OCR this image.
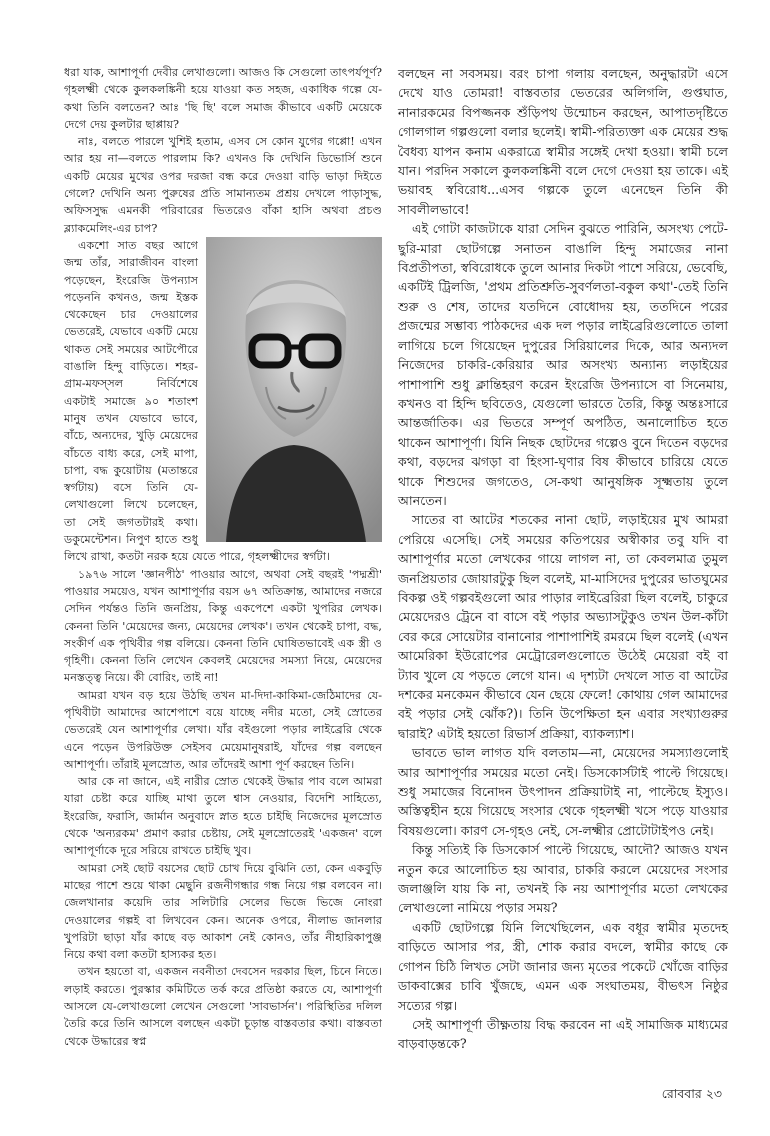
ধরা যাক, আশাপূর্ণা দেবীর লেখাগুলো। আজও কি সেগুলো তাৎপর্যপূর্ণ? গৃহলক্ষ্মী থেকে কুলকলঙ্কিনী হয়ে যাওয়া কত সহজ, একাধিক গল্পে যে-কথা তিনি বলতেন? আঃ 'ছি ছি' বলে সমাজ কীভাবে একটি মেয়েকে দেগে দেয় কুলটার ছাপ্পায়?

নাঃ, বলতে পারলে খুশিই হতাম, এসব সে কোন যুগের গপ্পো! এখন আর হয় না—বলতে পারলাম কি? এখনও কি দেখিনি ডিভোর্সি শুনে একটি মেয়ের মুখের ওপর দরজা বন্ধ করে দেওয়া বাড়ি ভাড়া দিইতে গেলে? দেখিনি অন্য পুরুষের প্রতি সামান্যতম প্রশ্রয় দেখলে পাড়াসুদ্ধ, অফিসসুদ্ধ এমনকী পরিবারের ভিতরেও বাঁকা হাসি অথবা প্রচণ্ড ব্ল্যাকমেলিং-এর চাপ?

একশো সাত বছর আগে জন্ম তাঁর, সারাজীবন বাংলা পড়েছেন, ইংরেজি উপন্যাস পড়েননি কখনও, জন্ম ইস্তক থেকেছেন চার দেওয়ালের ভেতরেই, যেভাবে একটি মেয়ে থাকত সেই সময়ের আটপৌরে বাঙালি হিন্দু বাড়িতে। শহর-গ্রাম-মফস্সল নির্বিশেষে একটাই সমাজে ৯০ শতাংশ মানুষ তখন যেভাবে ভাবে, বাঁচে, অন্যদের, খুড়ি মেয়েদের বাঁচতে বাধ্য করে, সেই মাপা, চাপা, বদ্ধ কুয়োটায় (মতান্তরে স্বর্গটায়) বসে তিনি যে-লেখাগুলো লিখে চলেছেন, তা সেই জগতটারই কথা। ডকুমেন্টেশন। নিপুণ হাতে শুধু লিখে রাখা, কতটা নরক হয়ে যেতে পারে, গৃহলক্ষ্মীদের স্বর্গটা।

১৯৭৬ সালে 'জ্ঞানপীঠ' পাওয়ার আগে, অথবা সেই বছরই 'পদ্মশ্রী' পাওয়ার সময়েও, যখন আশাপূর্ণার বয়স ৬৭ অতিক্রান্ত, আমাদের নজরে সেদিন পর্যন্তও তিনি জনপ্রিয়, কিন্তু একপেশে একটা খুপরির লেখক। কেননা তিনি 'মেয়েদের জন্য, মেয়েদের লেখক'। তখন থেকেই চাপা, বদ্ধ, সংকীর্ণ এক পৃথিবীর গল্প বলিয়ে। কেননা তিনি ঘোষিতভাবেই এক স্ত্রী ও গৃহিণী। কেননা তিনি লেখেন কেবলই মেয়েদের সমস্যা নিয়ে, মেয়েদের মনস্তত্ত্ব নিয়ে। কী বোরিং, তাই না!

আমরা যখন বড় হয়ে উঠছি তখন মা-দিদা-কাকিমা-জেঠিমাদের যে-পৃথিবীটা আমাদের আশেপাশে বয়ে যাচ্ছে নদীর মতো, সেই স্রোতের ভেতরেই যেন আশাপূর্ণার লেখা। যাঁর বইগুলো পড়ার লাইব্রেরি থেকে এনে পড়েন উপরিউক্ত সেইসব মেয়েমানুষরাই, যাঁদের গল্প বলছেন আশাপূর্ণা। তাঁরাই মূলস্রোত, আর তাঁদেরই আশা পূর্ণ করছেন তিনি।

আর কে না জানে, এই নারীর স্রোত থেকেই উদ্ধার পাব বলে আমরা যারা চেষ্টা করে যাচ্ছি মাথা তুলে শ্বাস নেওয়ার, বিদেশি সাহিত্যে, ইংরেজি, ফরাসি, জার্মান অনুবাদে স্নাত হতে চাইছি নিজেদের মূলস্রোত থেকে 'অন্যরকম' প্রমাণ করার চেষ্টায়, সেই মূলস্রোতেরই 'একজন' বলে আশাপূর্ণাকে দূরে সরিয়ে রাখতে চাইছি খুব।

আমরা সেই ছোট বয়সের ছোট চোখ দিয়ে বুঝিনি তো, কেন একবুড়ি মাছের পাশে শুয়ে থাকা মেছুনি রজনীগন্ধার গন্ধ নিয়ে গল্প বলবেন না। জেলখানার কয়েদি তার সলিটারি সেলের ভিজে ভিজে নোংরা দেওয়ালের গল্পই বা লিখবেন কেন। অনেক ওপরে, নীলাভ জানলার খুপরিটা ছাড়া যাঁর কাছে বড় আকাশ নেই কোনও, তাঁর নীহারিকাপুঞ্জ নিয়ে কথা বলা কতটা হাস্যকর হত।

তখন হয়তো বা, একজন নবনীতা দেবসেন দরকার ছিল, চিনে নিতে। লড়াই করতে। পুরস্কার কমিটিতে তর্ক করে প্রতিষ্ঠা করতে যে, আশাপূর্ণা আসলে যে-লেখাগুলো লেখেন সেগুলো 'সাবভার্সন'। পরিস্থিতির দলিল তৈরি করে তিনি আসলে বলছেন একটা চূড়ান্ত বাস্তবতার কথা। বাস্তবতা থেকে উদ্ধারের স্বপ্ন

বলছেন না সবসময়। বরং চাপা গলায় বলছেন, অনুদ্ধারটা এসে দেখে যাও তোমরা! বাস্তবতার ভেতরের অলিগলি, গুপ্তঘাত, নানারকমের বিপজ্জনক শুঁড়িপথ উন্মোচন করছেন, আপাতদৃষ্টিতে গোলগাল গল্পগুলো বলার ছলেই। স্বামী-পরিত্যক্তা এক মেয়ের শুদ্ধ বৈধব্য যাপন কনাম একরাত্রে স্বামীর সঙ্গেই দেখা হওয়া। স্বামী চলে যান। পরদিন সকালে কুলকলঙ্কিনী বলে দেগে দেওয়া হয় তাকে। এই ভয়াবহ স্ববিরোধ...এসব গল্পকে তুলে এনেছেন তিনি কী সাবলীলভাবে!

এই গোটা কাজটাকে যারা সেদিন বুঝতে পারিনি, অসংখ্য পেটে-ছুরি-মারা ছোটগল্পে সনাতন বাঙালি হিন্দু সমাজের নানা বিপ্রতীপতা, স্ববিরোধকে তুলে আনার দিকটা পাশে সরিয়ে, ভেবেছি, একটিই ট্রিলজি, 'প্রথম প্রতিশ্রুতি-সুবর্ণলতা-বকুল কথা'-তেই তিনি শুরু ও শেষ, তাদের যতদিনে বোধোদয় হয়, ততদিনে পরের প্রজন্মের সম্ভাব্য পাঠকদের এক দল পড়ার লাইব্রেরিগুলোতে তালা লাগিয়ে চলে গিয়েছেন দুপুরের সিরিয়ালের দিকে, আর অন্যদল নিজেদের চাকরি-কেরিয়ার আর অসংখ্য অন্যান্য লড়াইয়ের পাশাপাশি শুধু ক্লান্তিহরণ করেন ইংরেজি উপন্যাসে বা সিনেমায়, কখনও বা হিন্দি ছবিতেও, যেগুলো ভারতে তৈরি, কিন্তু অন্তঃসারে আন্তর্জাতিক। এর ভিতরে সম্পূর্ণ অপঠিত, অনালোচিত হতে থাকেন আশাপূর্ণা। যিনি নিছক ছোটদের গল্পেও বুনে দিতেন বড়দের কথা, বড়দের ঝগড়া বা হিংসা-ঘৃণার বিষ কীভাবে চারিয়ে যেতে থাকে শিশুদের জগতেও, সে-কথা আনুষঙ্গিক সূক্ষ্মতায় তুলে আনতেন।

সাতের বা আটের শতকের নানা ছোট, লড়াইয়ের মুখ আমরা পেরিয়ে এসেছি। সেই সময়ের কতিপয়ের অস্বীকার তবু যদি বা আশাপূর্ণার মতো লেখকের গায়ে লাগল না, তা কেবলমাত্র তুমুল জনপ্রিয়তার জোয়ারটুকু ছিল বলেই, মা-মাসিদের দুপুরের ভাতঘুমের বিকল্প ওই গল্পবইগুলো আর পাড়ার লাইব্রেরিরা ছিল বলেই, চাকুরে মেয়েদেরও ট্রেনে বা বাসে বই পড়ার অভ্যাসটুকুও তখন উল-কাঁটা বের করে সোয়েটার বানানোর পাশাপাশিই রমরমে ছিল বলেই (এখন আমেরিকা ইউরোপের মেট্রোরেলগুলোতে উঠেই মেয়েরা বই বা ট্যাব খুলে যে পড়তে লেগে যান। এ দৃশ্যটা দেখলে সাত বা আটের দশকের মনকেমন কীভাবে যেন ছেয়ে ফেলে! কোথায় গেল আমাদের বই পড়ার সেই ঝোঁক?)। তিনি উপেক্ষিতা হন এবার সংখ্যাগুরুর দ্বারাই? এটাই হয়তো রিভার্স প্রক্রিয়া, ব্যাকল্যাশ।

ভাবতে ভাল লাগত যদি বলতাম—না, মেয়েদের সমস্যাগুলোই আর আশাপূর্ণার সময়ের মতো নেই। ডিসকোর্সটাই পাল্টে গিয়েছে। শুধু সমাজের বিনোদন উৎপাদন প্রক্রিয়াটাই না, পাল্টেছে ইস্যুও। অস্তিত্বহীন হয়ে গিয়েছে সংসার থেকে গৃহলক্ষ্মী খসে পড়ে যাওয়ার বিষয়গুলো। কারণ সে-গৃহও নেই, সে-লক্ষ্মীর প্রোটোটাইপও নেই।

কিন্তু সত্যিই কি ডিসকোর্স পাল্টে গিয়েছে, আদৌ? আজও যখন নতুন করে আলোচিত হয় আবার, চাকরি করলে মেয়েদের সংসার জলাঞ্জলি যায় কি না, তখনই কি নয় আশাপূর্ণার মতো লেখকের লেখাগুলো নামিয়ে পড়ার সময়?

একটি ছোটগল্পে যিনি লিখেছিলেন, এক বধূর স্বামীর মৃতদেহ বাড়িতে আসার পর, স্ত্রী, শোক করার বদলে, স্বামীর কাছে কে গোপন চিঠি লিখত সেটা জানার জন্য মৃতের পকেটে খোঁজে বাড়ির ডাকবাক্সের চাবি খুঁজছে, এমন এক সংঘাতময়, বীভৎস নিষ্ঠুর সত্যের গল্প।

সেই আশাপূর্ণা তীক্ষ্ণতায় বিদ্ধ করবেন না এই সামাজিক মাধ্যমের বাড়বাড়ন্তকে?

রোববার ২৩
